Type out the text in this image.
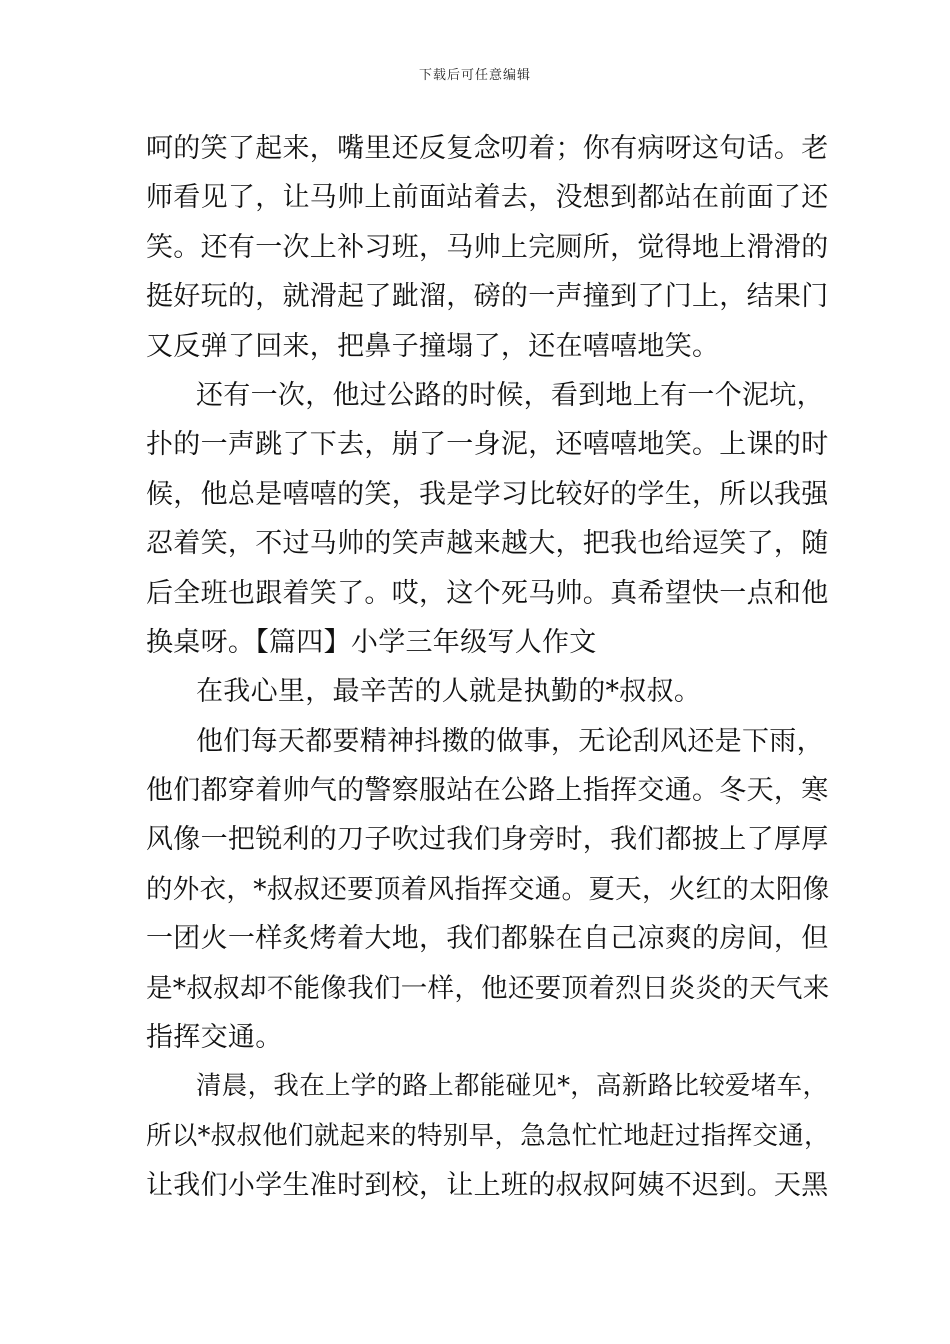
下载后可任意编辑
呵的笑了起来，嘴里还反复念叨着；你有病呀这句话。老
师看见了，让马帅上前面站着去，没想到都站在前面了还
笑。还有一次上补习班，马帅上完厕所，觉得地上滑滑的
挺好玩的，就滑起了跐溜，磅的一声撞到了门上，结果门
又反弹了回来，把鼻子撞塌了，还在嘻嘻地笑。
还有一次，他过公路的时候，看到地上有一个泥坑，
扑的一声跳了下去，崩了一身泥，还嘻嘻地笑。上课的时
候，他总是嘻嘻的笑，我是学习比较好的学生，所以我强
忍着笑，不过马帅的笑声越来越大，把我也给逗笑了，随
后全班也跟着笑了。哎，这个死马帅。真希望快一点和他
换桌呀。【篇四】小学三年级写人作文
在我心里，最辛苦的人就是执勤的*叔叔。
他们每天都要精神抖擞的做事，无论刮风还是下雨，
他们都穿着帅气的警察服站在公路上指挥交通。冬天，寒
风像一把锐利的刀子吹过我们身旁时，我们都披上了厚厚
的外衣，*叔叔还要顶着风指挥交通。夏天，火红的太阳像
一团火一样炙烤着大地，我们都躲在自己凉爽的房间，但
是*叔叔却不能像我们一样，他还要顶着烈日炎炎的天气来
指挥交通。
清晨，我在上学的路上都能碰见*，高新路比较爱堵车，
所以*叔叔他们就起来的特别早，急急忙忙地赶过指挥交通，
让我们小学生准时到校，让上班的叔叔阿姨不迟到。天黑
